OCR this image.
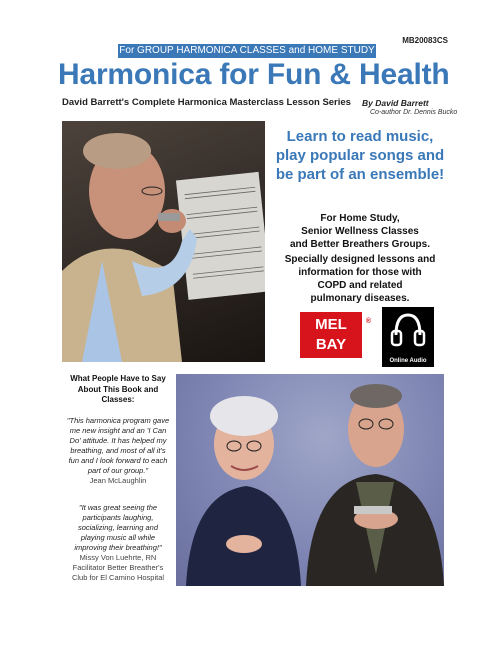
MB20083CS
For GROUP HARMONICA CLASSES and HOME STUDY
Harmonica for Fun & Health
David Barrett's Complete Harmonica Masterclass Lesson Series By David Barrett
Co-author Dr. Dennis Bucko
Learn to read music, play popular songs and be part of an ensemble!
For Home Study,
Senior Wellness Classes
and Better Breathers Groups.
Specially designed lessons and
information for those with
COPD and related
pulmonary diseases.
MEL
BAY
®
Online Audio
What People Have to Say About This Book and Classes:
"This harmonica program gave me new insight and an 'I Can Do' attitude. It has helped my breathing, and most of all it's fun and I look forward to each part of our group."
Jean McLaughlin
"It was great seeing the participants laughing, socializing, learning and playing music all while improving their breathing!"
Missy Von Luehrte, RN Facilitator Better Breather's Club for El Camino Hospital
